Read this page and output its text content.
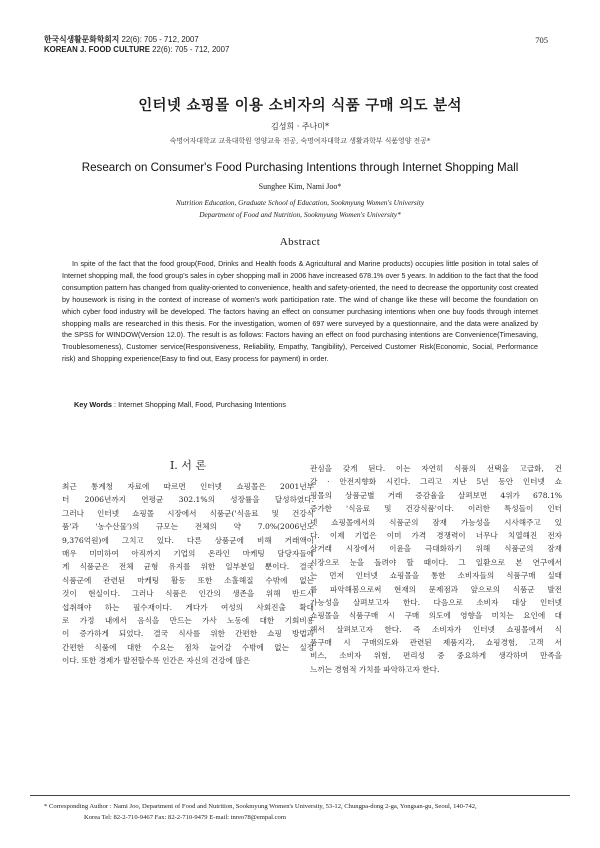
한국식생활문화학회지 22(6): 705 - 712, 2007
KOREAN J. FOOD CULTURE 22(6): 705 - 712, 2007
705
인터넷 쇼핑몰 이용 소비자의 식품 구매 의도 분석
김성희 · 주나미*
숙명여자대학교 교육대학원 영양교육 전공, 숙명여자대학교 생활과학부 식품영양 전공*
Research on Consumer's Food Purchasing Intentions through Internet Shopping Mall
Sunghee Kim, Nami Joo*
Nutrition Education, Graduate School of Education, Sookmyung Women's University
Department of Food and Nutrition, Sookmyung Women's University*
Abstract
In spite of the fact that the food group(Food, Drinks and Health foods & Agricultural and Marine products) occupies little position in total sales of Internet shopping mall, the food group's sales in cyber shopping mall in 2006 have increased 678.1% over 5 years. In addition to the fact that the food consumption pattern has changed from quality-oriented to convenience, health and safety-oriented, the need to decrease the opportunity cost created by housework is rising in the context of increase of women's work participation rate. The wind of change like these will become the foundation on which cyber food industry will be developed. The factors having an effect on consumer purchasing intentions when one buy foods through internet shopping malls are researched in this thesis. For the investigation, women of 697 were surveyed by a questionnaire, and the data were analized by the SPSS for WINDOW(Version 12.0). The result is as follows: Factors having an effect on food purchasing intentions are Convenience(Timesaving, Troublesomeness), Customer service(Responsiveness, Reliability, Empathy, Tangibility), Perceived Customer Risk(Economic, Social, Performance risk) and Shopping experience(Easy to find out, Easy process for payment) in order.
Key Words : Internet Shopping Mall, Food, Purchasing Intentions
Ⅰ. 서 론
최근 통계청 자료에 따르면 인터넷 쇼핑몰은 2001년부
터 2006년까지 연평균 302.1%의 성장률을 달성하였다.
그러나 인터넷 쇼핑몰 시장에서 식품군('식음료 및 건강식
품'과 '농수산물')의 규모는 전체의 약 7.0%(2006년도
9,376억원)에 그치고 있다. 다른 상품군에 비해 거래액이
매우 미미하여 아직까지 기업의 온라인 마케팅 담당자들에
게 식품군은 전체 균형 유지를 위한 일부분일 뿐이다. 결국
식품군에 관련된 마케팅 활동 또한 소홀해질 수밖에 없는
것이 현실이다. 그러나 식품은 인간의 생존을 위해 반드시
섭취해야 하는 필수재이다. 게다가 여성의 사회진출 확대
로 가정 내에서 음식을 만드는 가사 노동에 대한 기회비용
이 증가하게 되었다. 결국 식사를 위한 간편한 쇼핑 방법과
간편한 식품에 대한 수요는 점차 늘어갈 수밖에 없는 실정
이다. 또한 경제가 발전할수록 인간은 자신의 건강에 많은
관심을 갖게 된다. 이는 자연히 식품의 선택을 고급화, 건
강 · 안전지향화 시킨다. 그리고 지난 5년 동안 인터넷 쇼
핑몰의 상품군별 거래 증감율을 살펴보면 4위가 678.1%
증가한 '식음료 및 건강식품'이다. 이러한 특성들이 인터
넷 쇼핑몰에서의 식품군의 잠재 가능성을 시사해주고 있
다. 이제 기업은 이미 가격 경쟁력이 너무나 치열해진 전자
상거래 시장에서 이윤을 극대화하기 위해 식품군의 잠재
시장으로 눈을 돌려야 할 때이다. 그 일환으로 본 연구에서
는 먼저 인터넷 쇼핑몰을 통한 소비자들의 식품구매 실태
를 파악해봄으로써 현재의 문제점과 앞으로의 식품군 발전
가능성을 살펴보고자 한다. 다음으로 소비자 대상 인터넷
쇼핑몰을 식품구매 시 구매 의도에 영향을 미치는 요인에 대
해서 살펴보고자 한다. 즉 소비자가 인터넷 쇼핑몰에서 식
품구매 시 구매의도와 관련된 제품지각, 쇼핑경험, 고객 서
비스, 소비자 위험, 편리성 중 중요하게 생각하며 만족을
느끼는 경험적 가치를 파악하고자 한다.
* Corresponding Author : Nami Joo, Department of Food and Nutrition, Sookmyung Women's University, 53-12, Chungpa-dong 2-ga, Yongsan-gu, Seoul, 140-742,
Korea Tel: 82-2-710-9467 Fax: 82-2-710-9479 E-mail: tnreo78@empal.com
